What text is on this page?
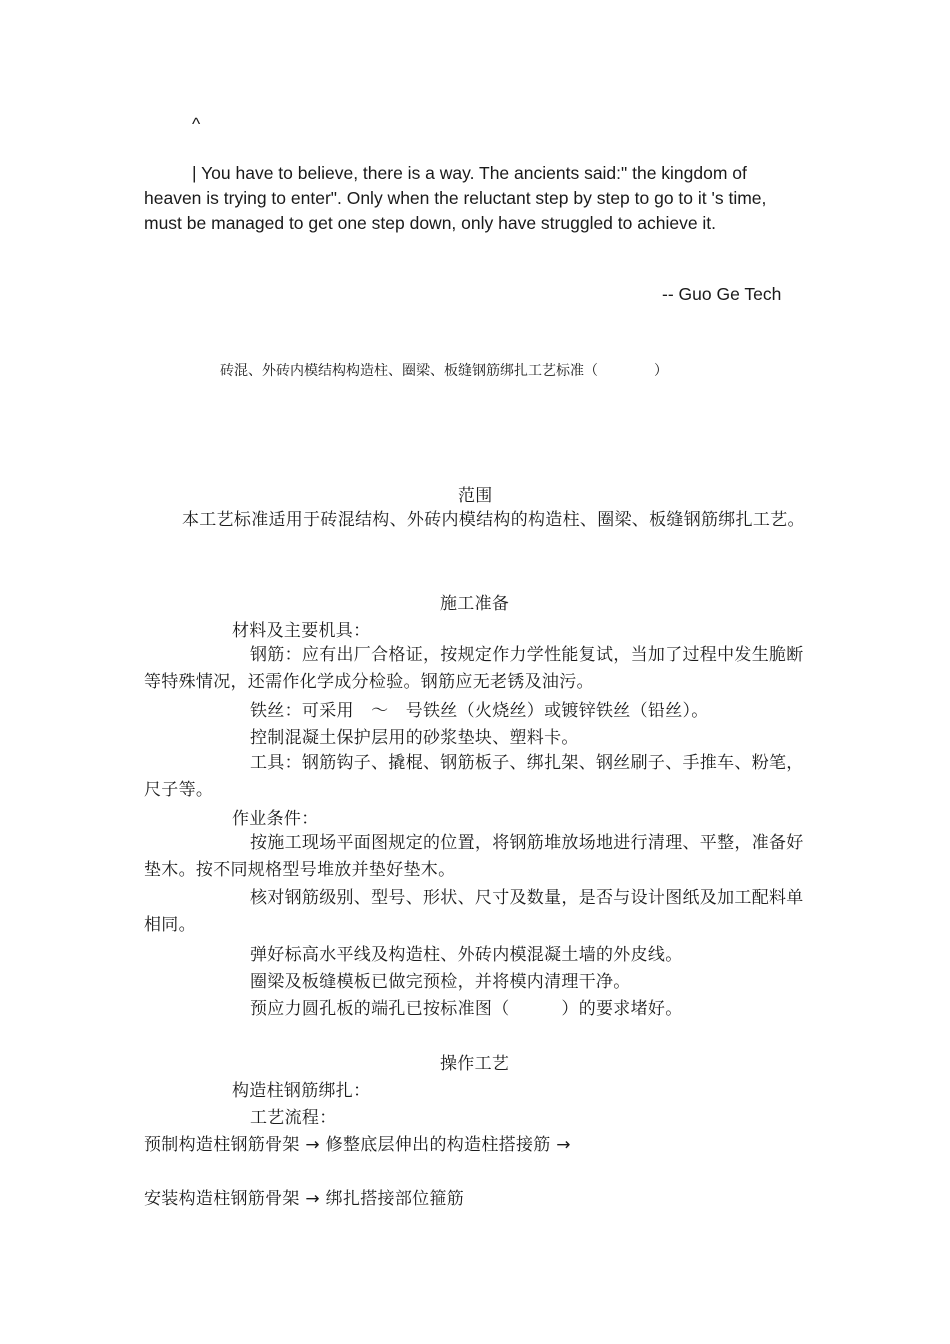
^
| You have to believe, there is a way. The ancients said:" the kingdom of heaven is trying to enter". Only when the reluctant step by step to go to it 's time, must be managed to get one step down, only have struggled to achieve it.
-- Guo Ge Tech
砖混、外砖内模结构构造柱、圈梁、板缝钢筋绑扎工艺标准（　　　　）
范围
本工艺标准适用于砖混结构、外砖内模结构的构造柱、圈梁、板缝钢筋绑扎工艺。
施工准备
材料及主要机具：
钢筋：应有出厂合格证，按规定作力学性能复试，当加了过程中发生脆断等特殊情况，还需作化学成分检验。钢筋应无老锈及油污。
铁丝：可采用　～　号铁丝（火烧丝）或镀锌铁丝（铅丝）。
控制混凝土保护层用的砂浆垫块、塑料卡。
工具：钢筋钩子、撬棍、钢筋板子、绑扎架、钢丝刷子、手推车、粉笔，尺子等。
作业条件：
按施工现场平面图规定的位置，将钢筋堆放场地进行清理、平整，准备好垫木。按不同规格型号堆放并垫好垫木。
核对钢筋级别、型号、形状、尺寸及数量，是否与设计图纸及加工配料单相同。
弹好标高水平线及构造柱、外砖内模混凝土墙的外皮线。
圈梁及板缝模板已做完预检，并将模内清理干净。
预应力圆孔板的端孔已按标准图（　　　）的要求堵好。
操作工艺
构造柱钢筋绑扎：
工艺流程：
预制构造柱钢筋骨架 → 修整底层伸出的构造柱搭接筋 →
安装构造柱钢筋骨架 → 绑扎搭接部位箍筋
